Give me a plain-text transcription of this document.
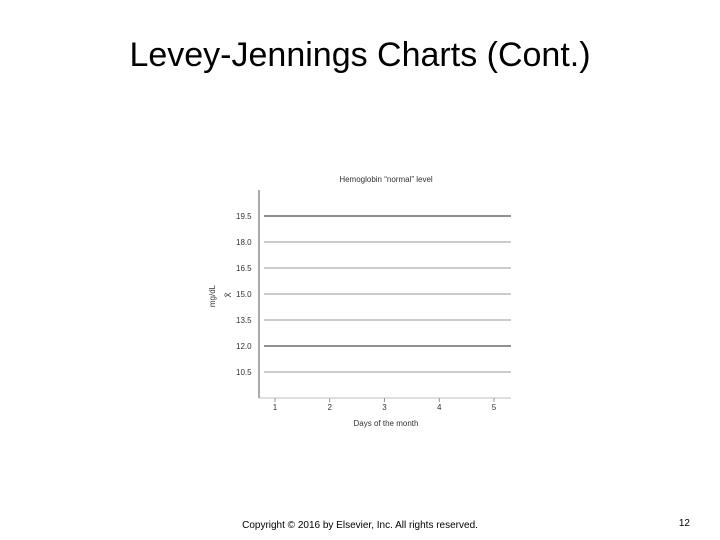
Levey-Jennings Charts (Cont.)
Hemoglobin “normal” level
19.5
18.0
16.5
15.0
13.5
12.0
10.5
1	2	3	4	5
mg/dL X̄
Days of the month
Copyright © 2016 by Elsevier, Inc. All rights reserved.	12
